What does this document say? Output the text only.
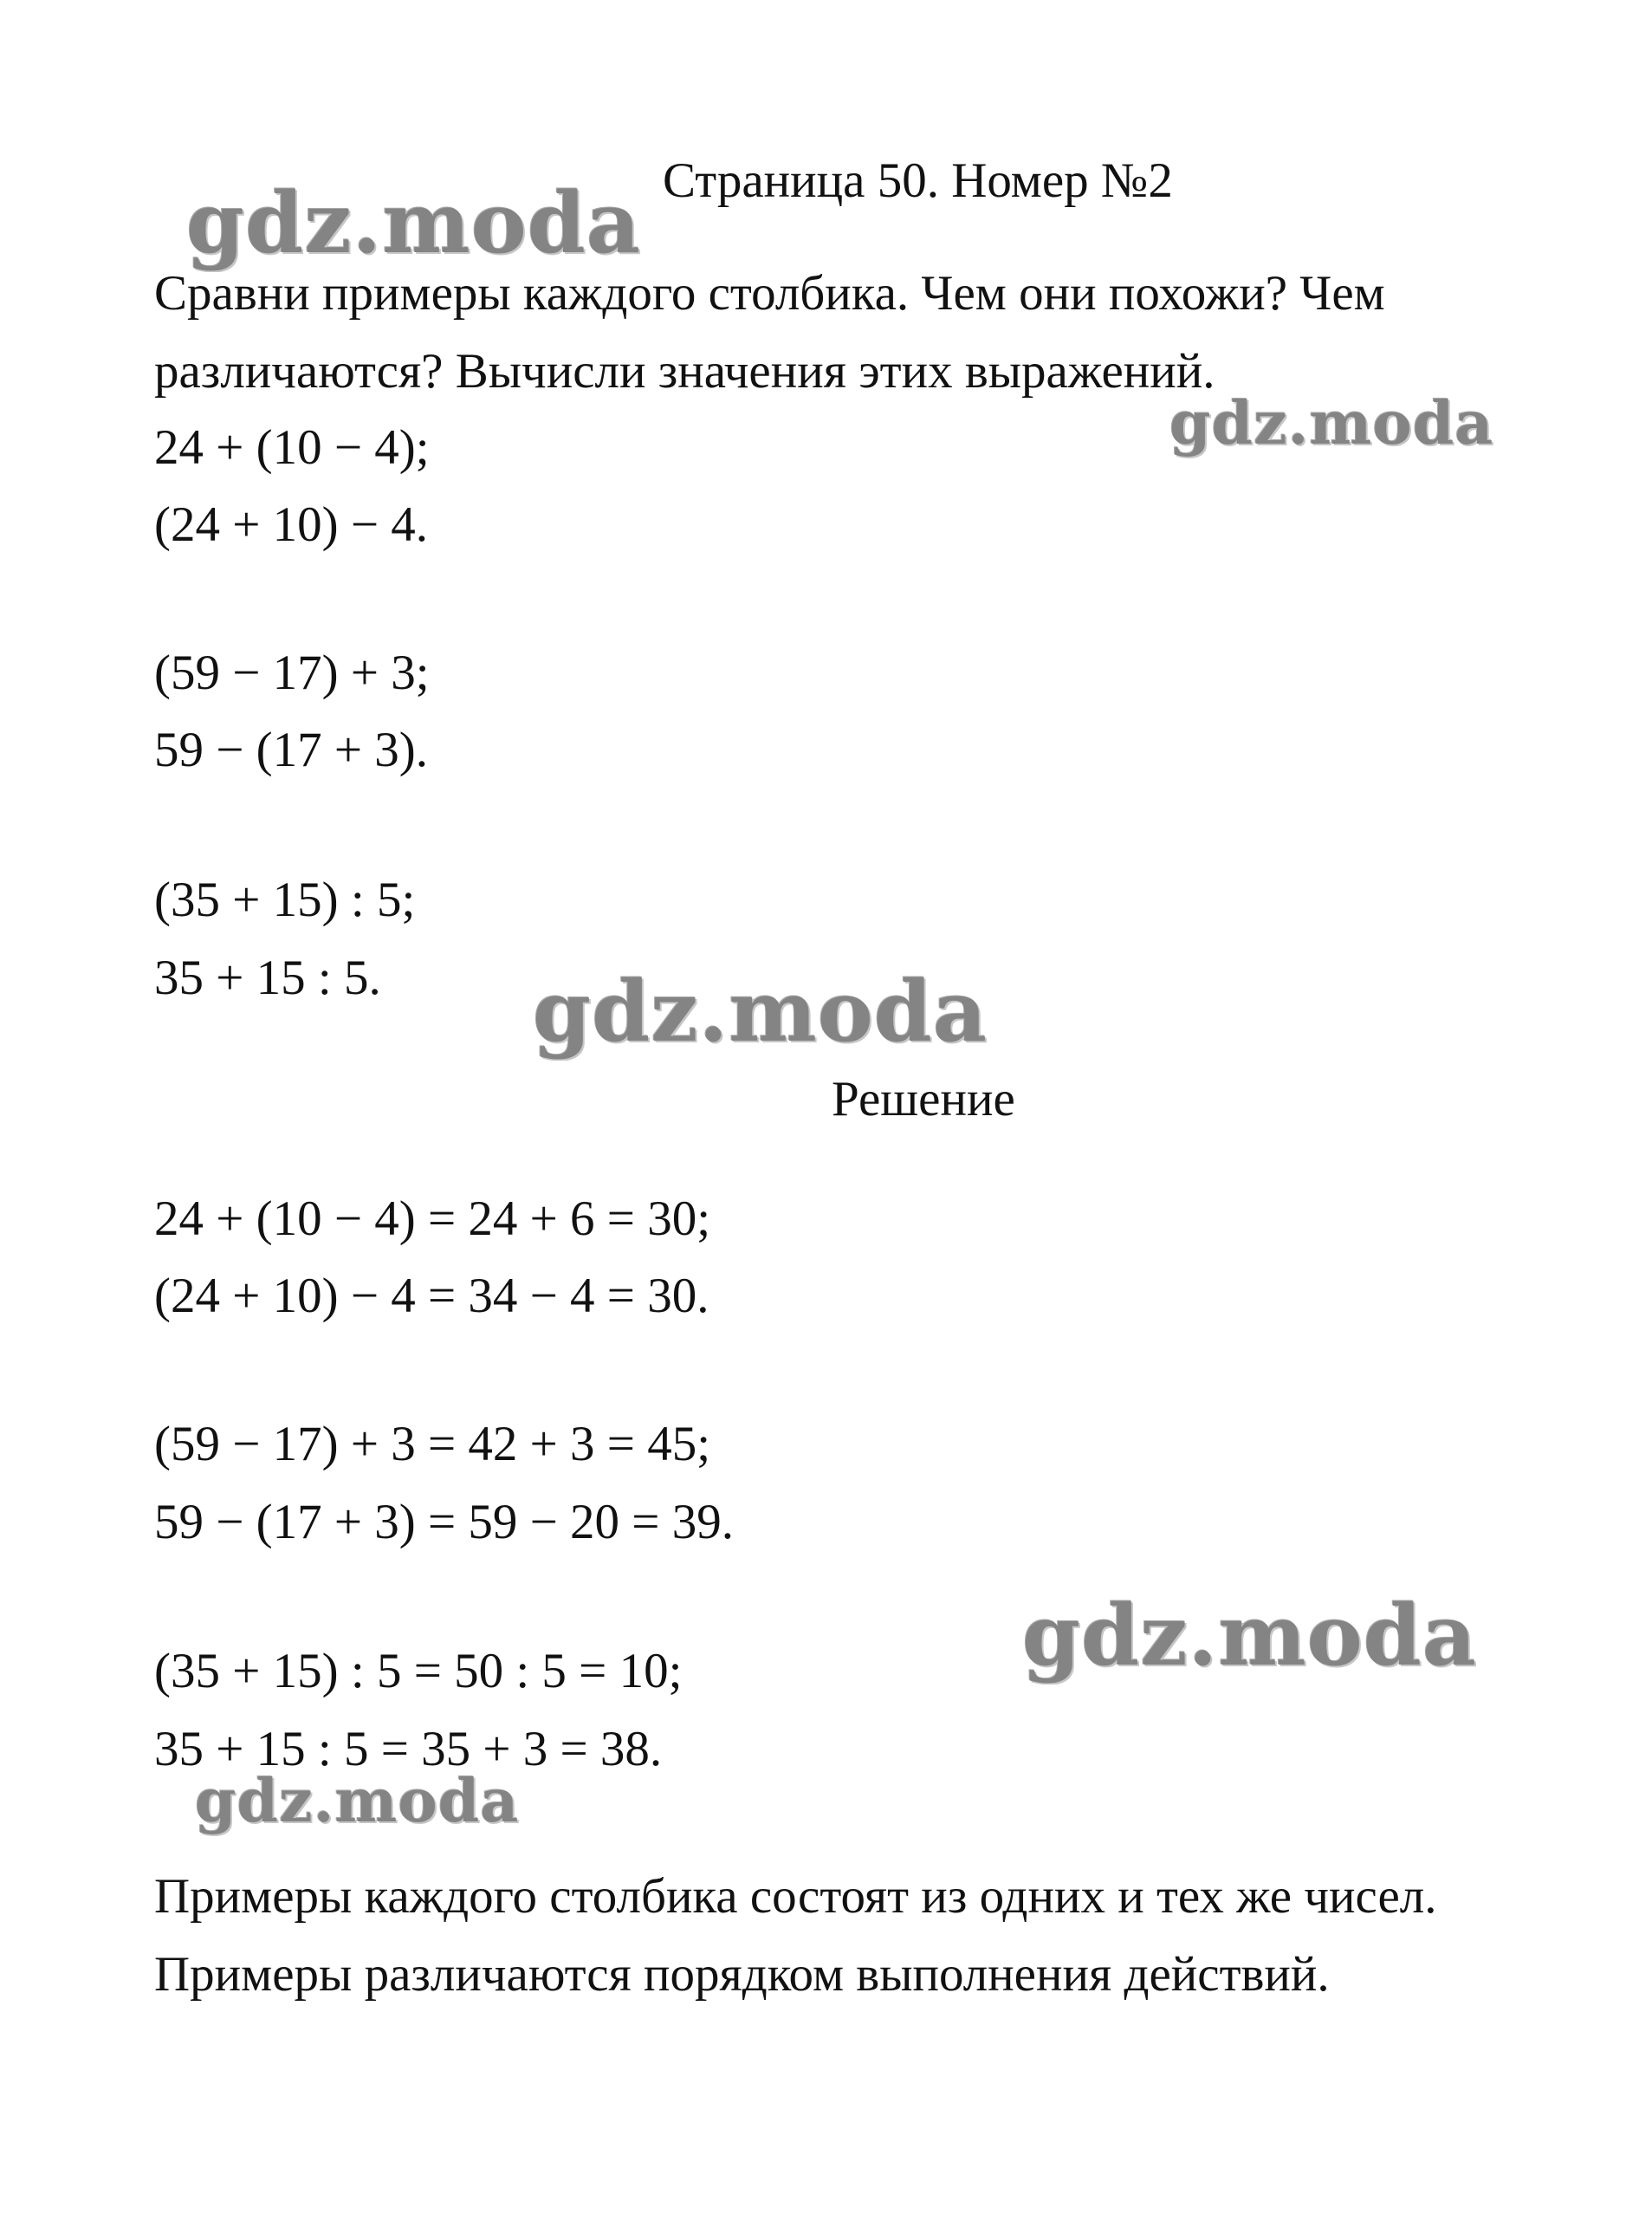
gdz.moda
gdz.moda
gdz.moda
gdz.moda
gdz.moda
Страница 50. Номер №2
Сравни примеры каждого столбика. Чем они похожи? Чем
различаются? Вычисли значения этих выражений.
24 + (10 − 4);
(24 + 10) − 4.
(59 − 17) + 3;
59 − (17 + 3).
(35 + 15) : 5;
35 + 15 : 5.
Решение
24 + (10 − 4) = 24 + 6 = 30;
(24 + 10) − 4 = 34 − 4 = 30.
(59 − 17) + 3 = 42 + 3 = 45;
59 − (17 + 3) = 59 − 20 = 39.
(35 + 15) : 5 = 50 : 5 = 10;
35 + 15 : 5 = 35 + 3 = 38.
Примеры каждого столбика состоят из одних и тех же чисел.
Примеры различаются порядком выполнения действий.
